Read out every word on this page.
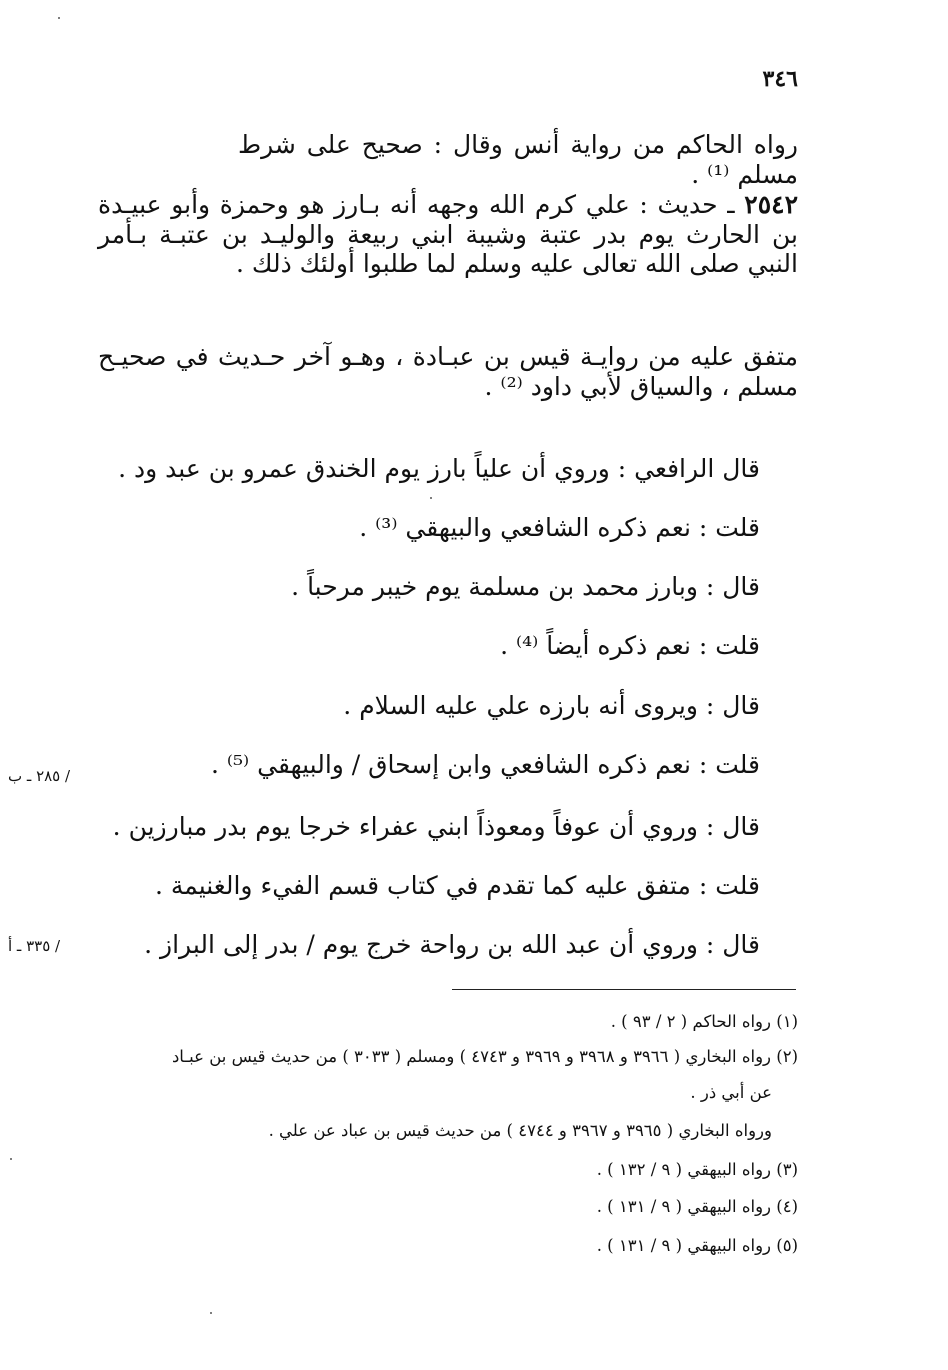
٣٤٦
رواه الحاكم من رواية أنس وقال : صحيح على شرط مسلم ⁽¹⁾ .
٢٥٤٢ ـ حديث : علي كرم الله وجهه أنه بـارز هو وحمزة وأبو عبيـدة بن الحارث يوم بدر عتبة وشيبة ابني ربيعة والوليـد بن عتبـة بـأمر النبي صلى الله تعالى عليه وسلم لما طلبوا أولئك ذلك .
متفق عليه من روايـة قيس بن عبـادة ، وهـو آخر حـديث في صحيـح مسلم ، والسياق لأبي داود ⁽²⁾ .
قال الرافعي : وروي أن علياً بارز يوم الخندق عمرو بن عبد ود .
قلت : نعم ذكره الشافعي والبيهقي ⁽³⁾ .
قال : وبارز محمد بن مسلمة يوم خيبر مرحباً .
قلت : نعم ذكره أيضاً ⁽⁴⁾ .
قال : ويروى أنه بارزه علي عليه السلام .
قلت : نعم ذكره الشافعي وابن إسحاق / والبيهقي ⁽⁵⁾ .
قال : وروي أن عوفاً ومعوذاً ابني عفراء خرجا يوم بدر مبارزين .
قلت : متفق عليه كما تقدم في كتاب قسم الفيء والغنيمة .
قال : وروي أن عبد الله بن رواحة خرج يوم / بدر إلى البراز .
/ ٢٨٥ ـ ب
/ ٣٣٥ ـ أ
(١) رواه الحاكم ( ٢ / ٩٣ ) .
(٢) رواه البخاري ( ٣٩٦٦ و ٣٩٦٨ و ٣٩٦٩ و ٤٧٤٣ ) ومسلم ( ٣٠٣٣ ) من حديث قيس بن عبـاد
عن أبي ذر .
ورواه البخاري ( ٣٩٦٥ و ٣٩٦٧ و ٤٧٤٤ ) من حديث قيس بن عباد عن علي .
(٣) رواه البيهقي ( ٩ / ١٣٢ ) .
(٤) رواه البيهقي ( ٩ / ١٣١ ) .
(٥) رواه البيهقي ( ٩ / ١٣١ ) .
